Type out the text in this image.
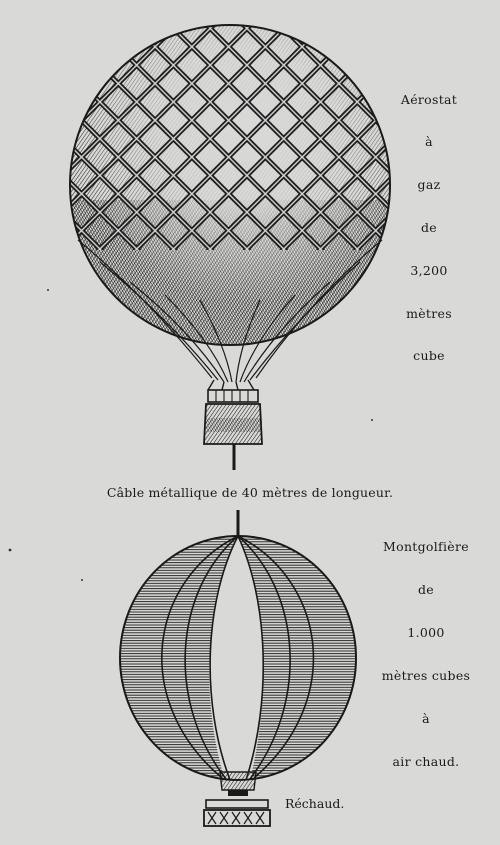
Aérostat
à
gaz
de
3,200
mètres
cube
Câble métallique de 40 mètres de longueur.
Montgolfière
de
1.000
mètres cubes
à
air chaud.
Réchaud.
